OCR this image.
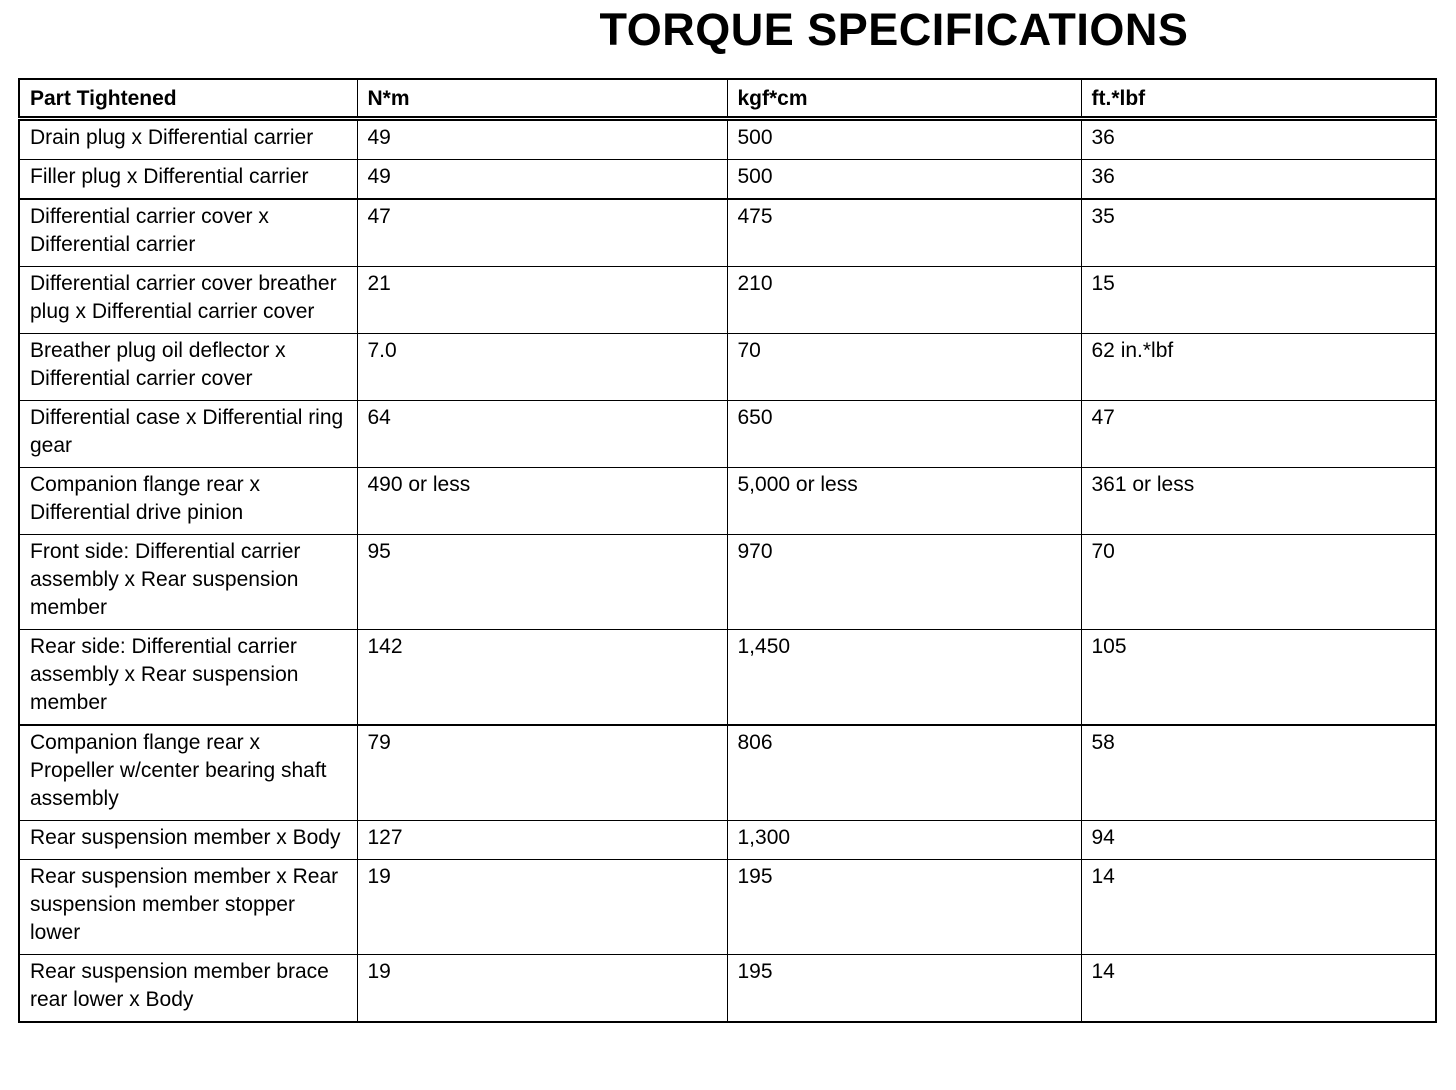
TORQUE SPECIFICATIONS
Part Tightened	N*m	kgf*cm	ft.*lbf
Drain plug x Differential carrier	49	500	36
Filler plug x Differential carrier	49	500	36
Differential carrier cover x Differential carrier	47	475	35
Differential carrier cover breather plug x Differential carrier cover	21	210	15
Breather plug oil deflector x Differential carrier cover	7.0	70	62 in.*lbf
Differential case x Differential ring gear	64	650	47
Companion flange rear x Differential drive pinion	490 or less	5,000 or less	361 or less
Front side: Differential carrier assembly x Rear suspension member	95	970	70
Rear side: Differential carrier assembly x Rear suspension member	142	1,450	105
Companion flange rear x Propeller w/center bearing shaft assembly	79	806	58
Rear suspension member x Body	127	1,300	94
Rear suspension member x Rear suspension member stopper lower	19	195	14
Rear suspension member brace rear lower x Body	19	195	14
